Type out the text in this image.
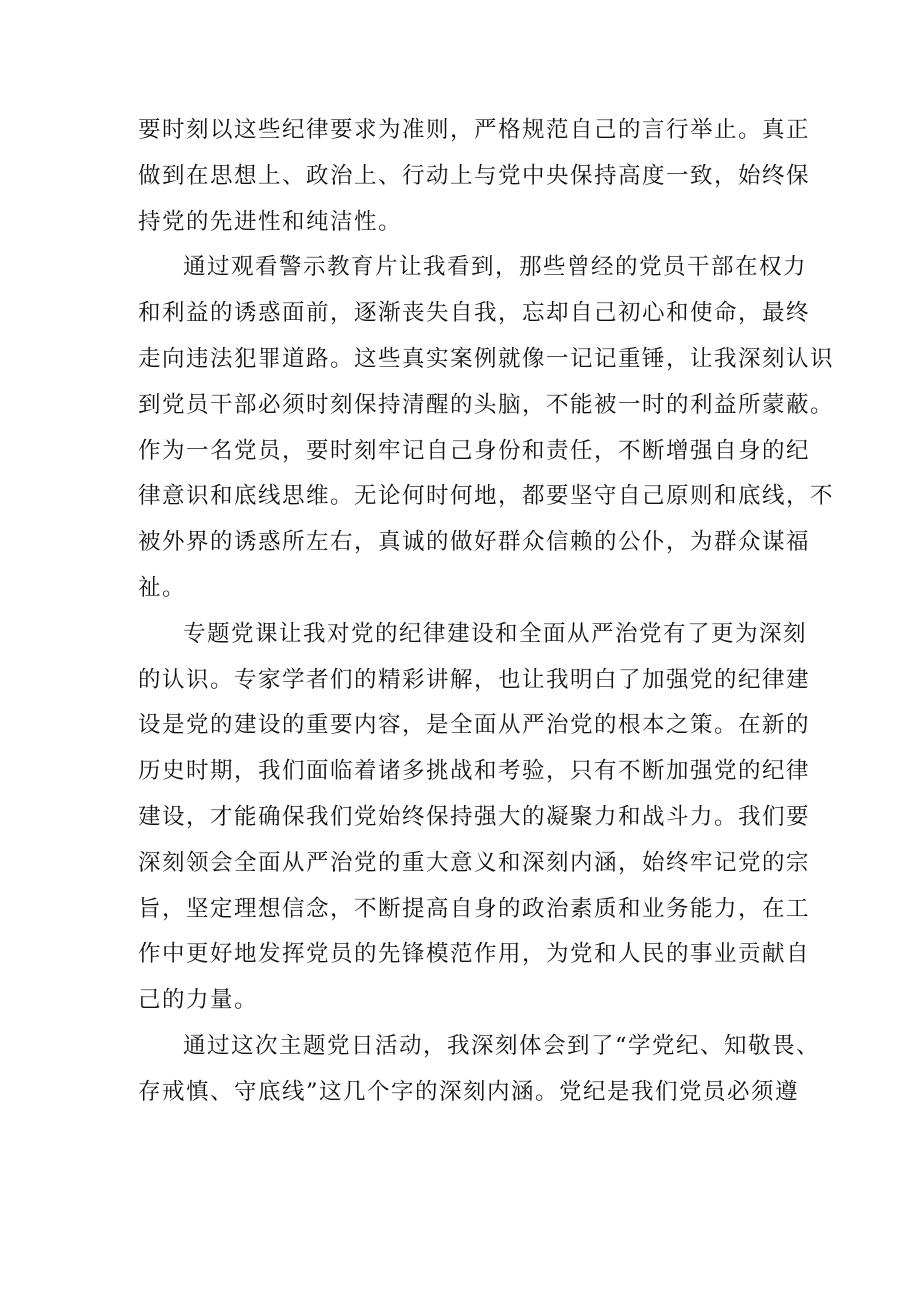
要时刻以这些纪律要求为准则，严格规范自己的言行举止。真正
做到在思想上、政治上、行动上与党中央保持高度一致，始终保
持党的先进性和纯洁性。

通过观看警示教育片让我看到，那些曾经的党员干部在权力
和利益的诱惑面前，逐渐丧失自我，忘却自己初心和使命，最终
走向违法犯罪道路。这些真实案例就像一记记重锤，让我深刻认识
到党员干部必须时刻保持清醒的头脑，不能被一时的利益所蒙蔽。
作为一名党员，要时刻牢记自己身份和责任，不断增强自身的纪
律意识和底线思维。无论何时何地，都要坚守自己原则和底线，不
被外界的诱惑所左右，真诚的做好群众信赖的公仆，为群众谋福
祉。

专题党课让我对党的纪律建设和全面从严治党有了更为深刻
的认识。专家学者们的精彩讲解，也让我明白了加强党的纪律建
设是党的建设的重要内容，是全面从严治党的根本之策。在新的
历史时期，我们面临着诸多挑战和考验，只有不断加强党的纪律
建设，才能确保我们党始终保持强大的凝聚力和战斗力。我们要
深刻领会全面从严治党的重大意义和深刻内涵，始终牢记党的宗
旨，坚定理想信念，不断提高自身的政治素质和业务能力，在工
作中更好地发挥党员的先锋模范作用，为党和人民的事业贡献自
己的力量。

通过这次主题党日活动，我深刻体会到了“学党纪、知敬畏、
存戒慎、守底线”这几个字的深刻内涵。党纪是我们党员必须遵
